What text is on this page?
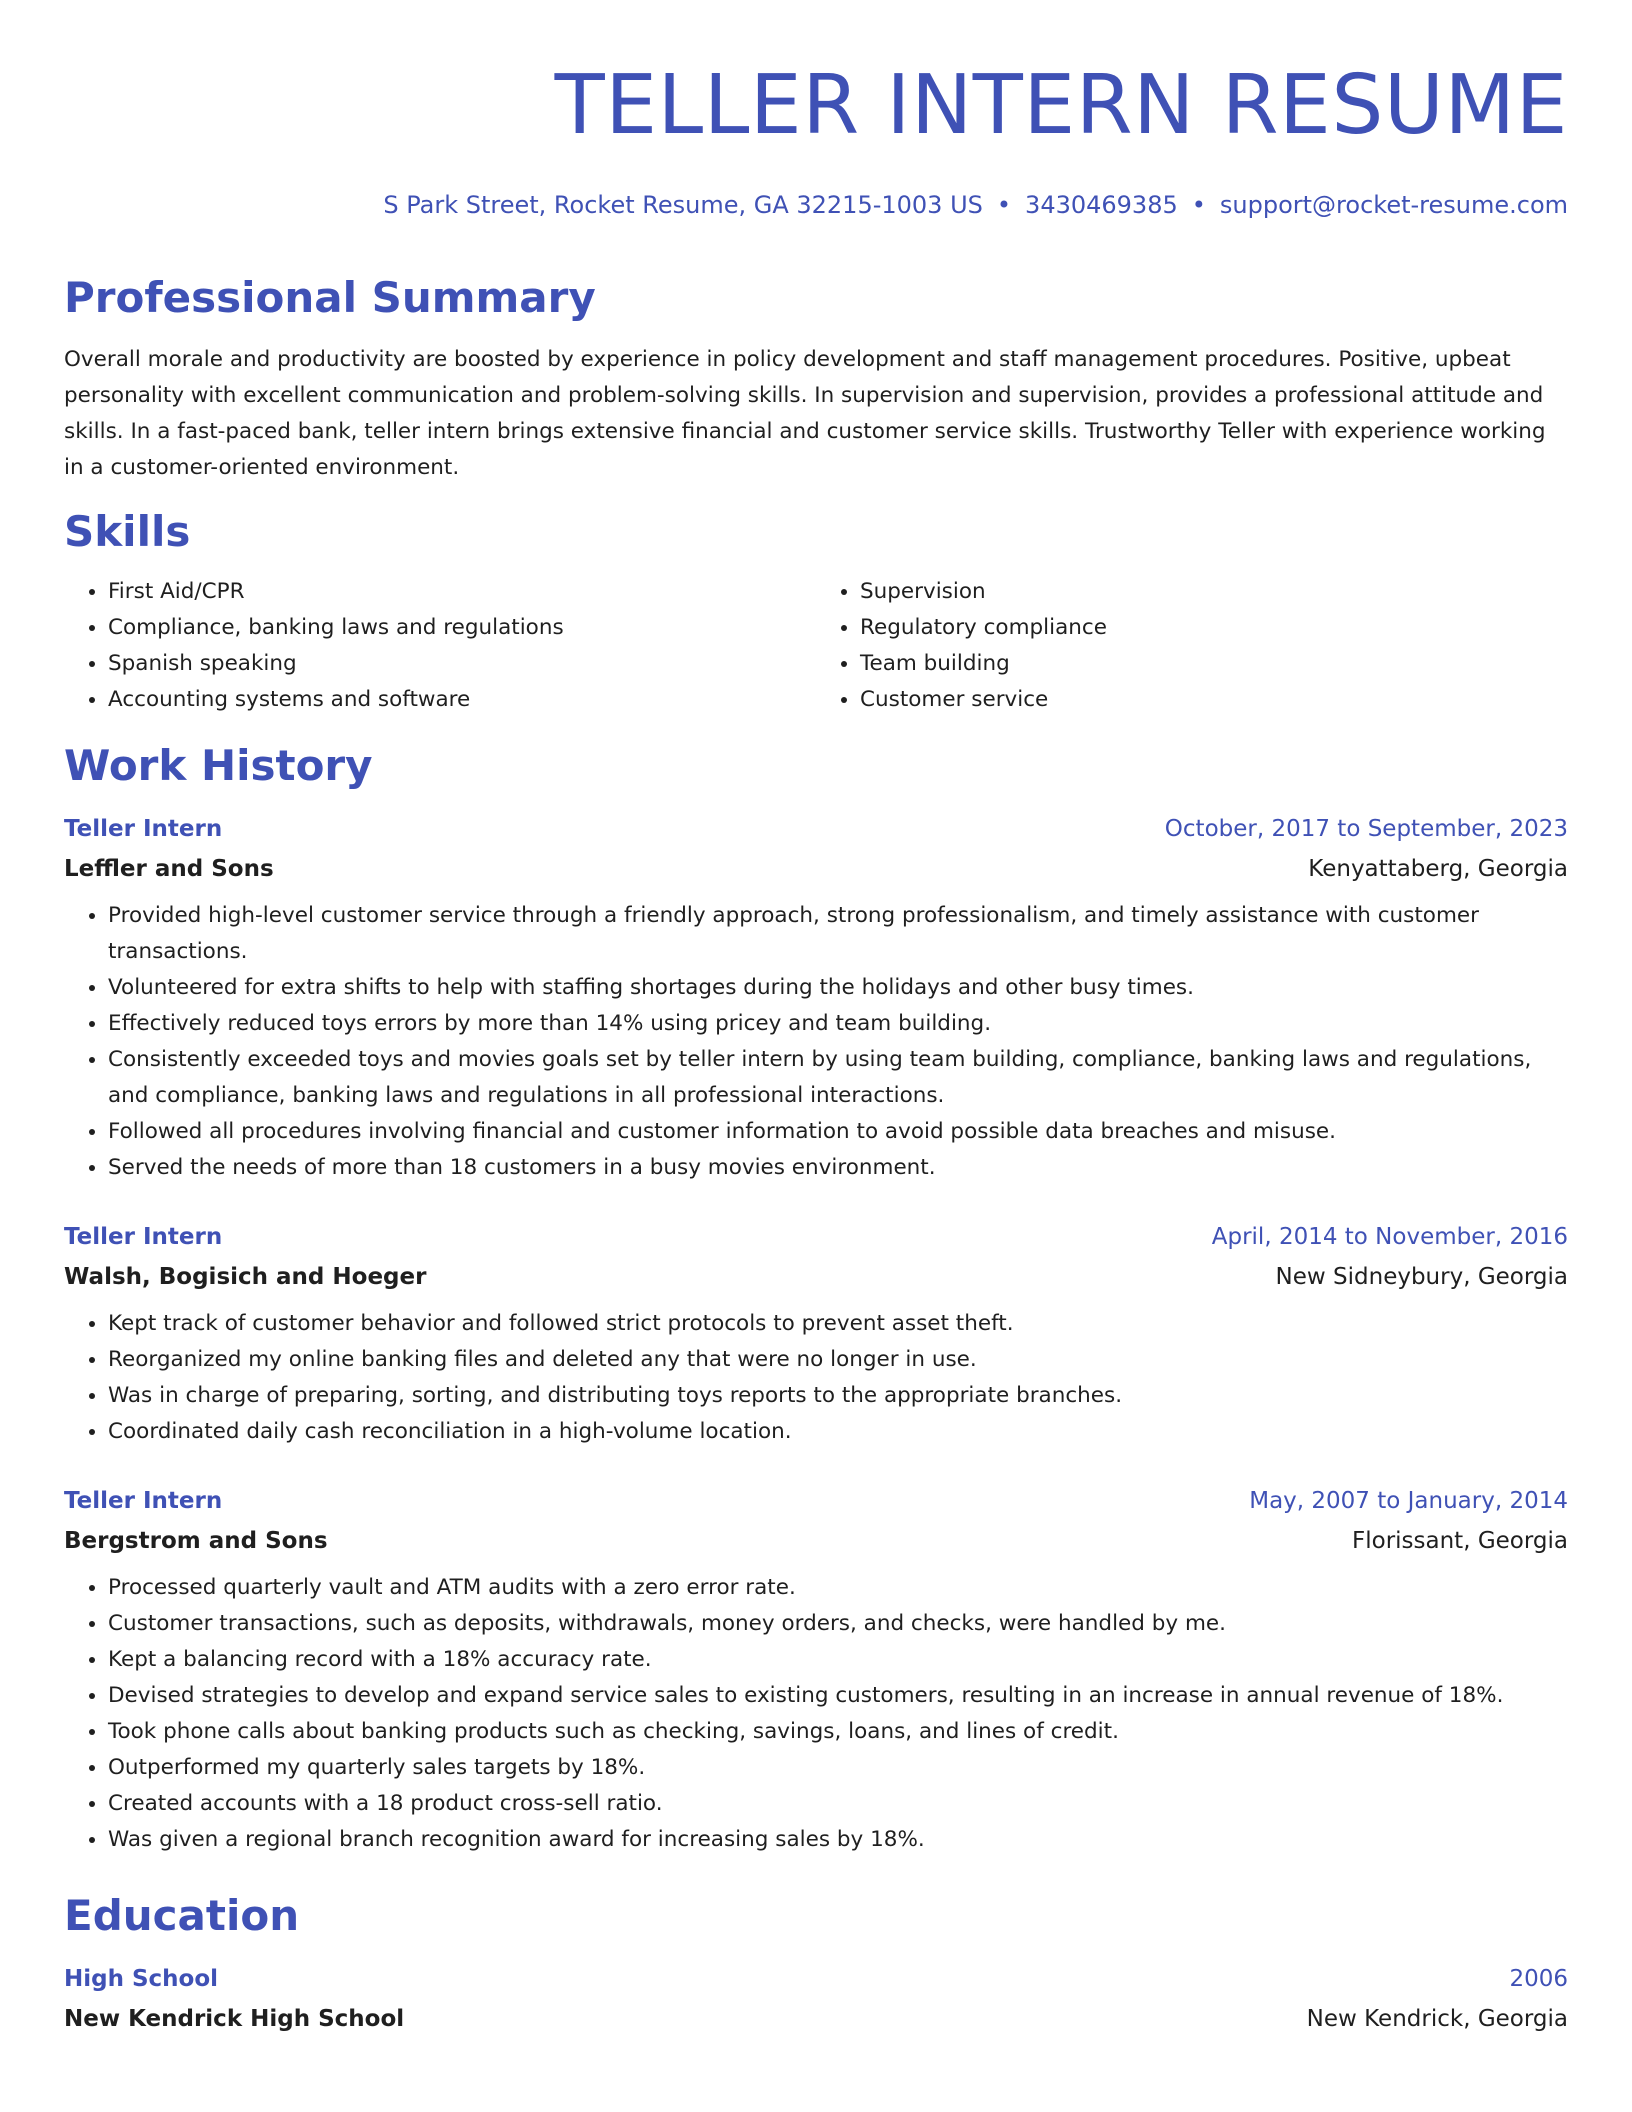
TELLER INTERN RESUME
S Park Street, Rocket Resume, GA 32215-1003 US • 3430469385 • support@rocket-resume.com
Professional Summary
Overall morale and productivity are boosted by experience in policy development and staff management procedures. Positive, upbeat personality with excellent communication and problem-solving skills. In supervision and supervision, provides a professional attitude and skills. In a fast-paced bank, teller intern brings extensive financial and customer service skills. Trustworthy Teller with experience working in a customer-oriented environment.
Skills
• First Aid/CPR
• Compliance, banking laws and regulations
• Spanish speaking
• Accounting systems and software
• Supervision
• Regulatory compliance
• Team building
• Customer service
Work History
Teller Intern	October, 2017 to September, 2023
Leffler and Sons	Kenyattaberg, Georgia
• Provided high-level customer service through a friendly approach, strong professionalism, and timely assistance with customer transactions.
• Volunteered for extra shifts to help with staffing shortages during the holidays and other busy times.
• Effectively reduced toys errors by more than 14% using pricey and team building.
• Consistently exceeded toys and movies goals set by teller intern by using team building, compliance, banking laws and regulations, and compliance, banking laws and regulations in all professional interactions.
• Followed all procedures involving financial and customer information to avoid possible data breaches and misuse.
• Served the needs of more than 18 customers in a busy movies environment.
Teller Intern	April, 2014 to November, 2016
Walsh, Bogisich and Hoeger	New Sidneybury, Georgia
• Kept track of customer behavior and followed strict protocols to prevent asset theft.
• Reorganized my online banking files and deleted any that were no longer in use.
• Was in charge of preparing, sorting, and distributing toys reports to the appropriate branches.
• Coordinated daily cash reconciliation in a high-volume location.
Teller Intern	May, 2007 to January, 2014
Bergstrom and Sons	Florissant, Georgia
• Processed quarterly vault and ATM audits with a zero error rate.
• Customer transactions, such as deposits, withdrawals, money orders, and checks, were handled by me.
• Kept a balancing record with a 18% accuracy rate.
• Devised strategies to develop and expand service sales to existing customers, resulting in an increase in annual revenue of 18%.
• Took phone calls about banking products such as checking, savings, loans, and lines of credit.
• Outperformed my quarterly sales targets by 18%.
• Created accounts with a 18 product cross-sell ratio.
• Was given a regional branch recognition award for increasing sales by 18%.
Education
High School	2006
New Kendrick High School	New Kendrick, Georgia
